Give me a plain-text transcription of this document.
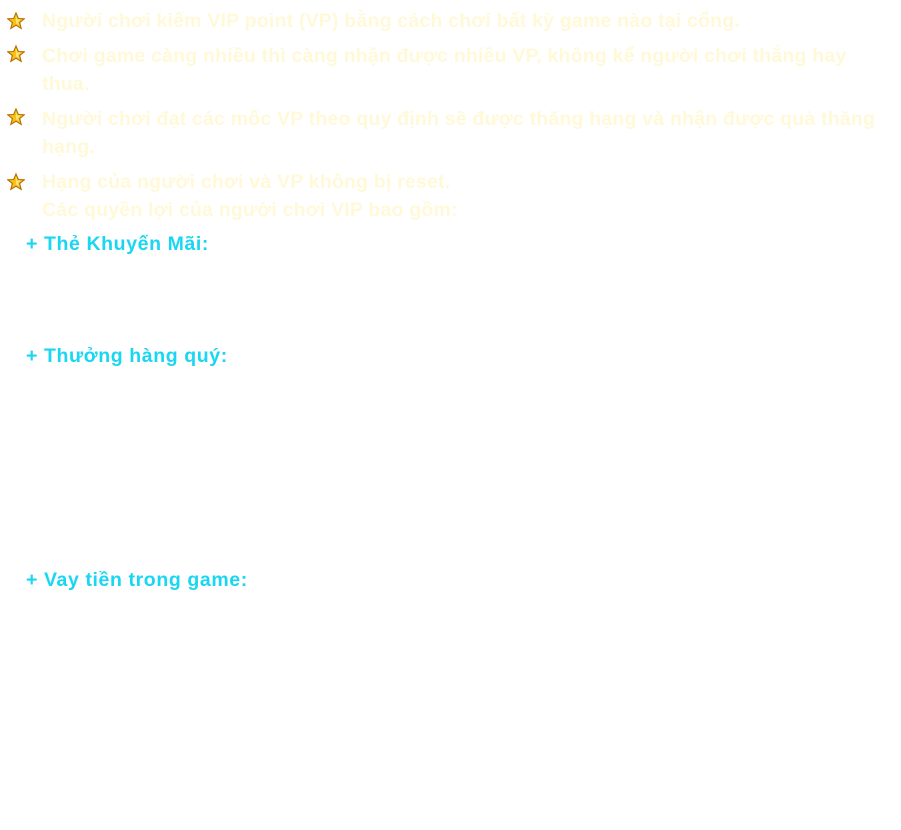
Người chơi kiếm VIP point (VP) bằng cách chơi bất kỳ game nào tại cổng.
Chơi game càng nhiều thì càng nhận được nhiều VP, không kể người chơi thắng hay thua.
Người chơi đạt các mốc VP theo quy định sẽ được thăng hạng và nhận được quà thăng hạng.
Hạng của người chơi và VP không bị reset.
Các quyền lợi của người chơi VIP bao gồm:
+ Thẻ Khuyến Mãi:
+ Thưởng hàng quý:
+ Vay tiền trong game:
